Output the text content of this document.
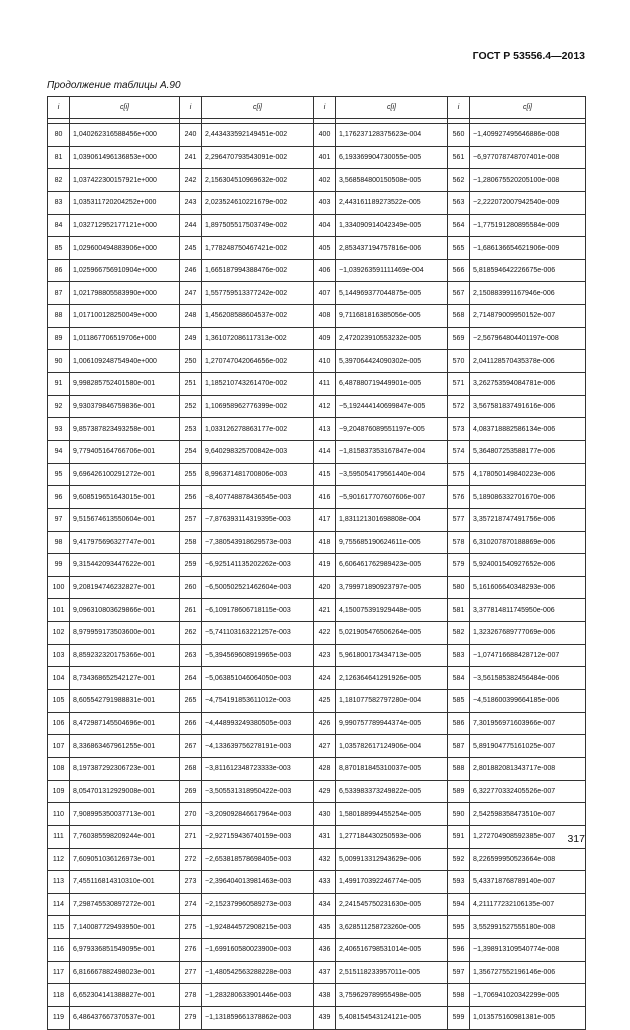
ГОСТ Р 53556.4—2013
Продолжение таблицы А.90
i	c[i]	i	c[i]	i	c[i]	i	c[i]

80	1,040262316588456e+000	240	2,443433592149451e-002	400	1,176237128375623e-004	560	−1,409927495646886e-008
81	1,039061496136853e+000	241	2,296470793543091e-002	401	6,193369904730055e-005	561	−6,977078748707401e-008
82	1,037422300157921e+000	242	2,156304510969632e-002	402	3,568584800150508e-005	562	−1,280675520205100e-008
83	1,035311720204252e+000	243	2,023524610221679e-002	403	2,443161189273522e-005	563	−2,222072007942540e-009
84	1,032712952177121e+000	244	1,897505517503749e-002	404	1,334090914042349e-005	564	−1,775191280895584e-009
85	1,029600494883906e+000	245	1,778248750467421e-002	405	2,853437194757816e-006	565	−1,686136654621906e-009
86	1,025966756910904e+000	246	1,665187994388476e-002	406	−1,039263591111469e-004	566	5,818594642226675e-006
87	1,021798805583990e+000	247	1,557759513377242e-002	407	5,144969377044875e-005	567	2,150883991167946e-006
88	1,017100128250049e+000	248	1,456208588604537e-002	408	9,711681816385056e-005	568	2,714879009950152e-007
89	1,011867706519706e+000	249	1,361072086117313e-002	409	2,472023910553232e-005	569	−2,567964804401197e-008
90	1,006109248754940e+000	250	1,270747042064656e-002	410	5,397064424090302e-005	570	2,041128570435378e-006
91	9,998285752401580e-001	251	1,185210743261470e-002	411	6,487880719449901e-005	571	3,262753594084781e-006
92	9,930379846759836e-001	252	1,106958962776399e-002	412	−5,192444140699847e-005	572	3,567581837491616e-006
93	9,857387823493258e-001	253	1,033126278863177e-002	413	−9,204876089551197e-005	573	4,083718882586134e-006
94	9,779405164766706e-001	254	9,640298325700842e-003	414	−1,815837353167847e-004	574	5,364807253588177e-006
95	9,696426100291272e-001	255	8,996371481700806e-003	415	−3,595054179561440e-004	575	4,178050149840223e-006
96	9,608519651643015e-001	256	−8,407748878436545e-003	416	−5,901617707607606e-007	576	5,189086332701670e-006
97	9,515674613550604e-001	257	−7,876393114319395e-003	417	1,831121301698808e-004	577	3,357218747491756e-006
98	9,417975696327747e-001	258	−7,380543918629573e-003	418	9,755685190624611e-005	578	6,310207870188869e-006
99	9,315442093447622e-001	259	−6,925141135202262e-003	419	6,606461762989423e-005	579	5,924001540927652e-006
100	9,208194746232827e-001	260	−6,500502521462604e-003	420	3,799971890923797e-005	580	5,161606640348293e-006
101	9,096310803629866e-001	261	−6,109178606718115e-003	421	4,150075391929448e-005	581	3,377814811745950e-006
102	8,979959173503600e-001	262	−5,741103163221257e-003	422	5,021905476506264e-005	582	1,323267689777069e-006
103	8,859232320175366e-001	263	−5,394569608919965e-003	423	5,961800173434713e-005	583	−1,074716688428712e-007
104	8,734368652542127e-001	264	−5,063851046064050e-003	424	2,126364641291926e-005	584	−3,561585382456484e-006
105	8,605542791988831e-001	265	−4,754191853611012e-003	425	1,181077582797280e-004	585	−4,518600399664185e-006
106	8,472987145504696e-001	266	−4,448993249380505e-003	426	9,990757789944374e-005	586	7,301956971603966e-007
107	8,336863467961255e-001	267	−4,133639756278191e-003	427	1,035782617124906e-004	587	5,891904775161025e-007
108	8,197387292306723e-001	268	−3,811612348723333e-003	428	8,870181845310037e-005	588	2,801882081343717e-008
109	8,054701312929008e-001	269	−3,505531318950422e-003	429	6,533983373249822e-005	589	6,322770332405526e-007
110	7,908995350037713e-001	270	−3,209092846617964e-003	430	1,580188994455254e-005	590	2,542598358473510e-007
111	7,760385598209244e-001	271	−2,927159436740159e-003	431	1,277184430250593e-006	591	1,272704908592385e-007
112	7,609051036126973e-001	272	−2,653818578698405e-003	432	5,009913312943629e-006	592	8,226599950523664e-008
113	7,455116814310310e-001	273	−2,396404013981463e-003	433	1,499170392246774e-005	593	5,433718768789140e-007
114	7,298745530897272e-001	274	−2,152379960589273e-003	434	2,241545750231630e-005	594	4,211177232106135e-007
115	7,140087729493950e-001	275	−1,924844572908215e-003	435	3,628511258723260e-005	595	3,552991527555180e-008
116	6,979336851549095e-001	276	−1,699160580023900e-003	436	2,406516798531014e-005	596	−1,398913109540774e-008
117	6,816667882498023e-001	277	−1,480542563288228e-003	437	2,515118233957011e-005	597	1,356727552196146e-006
118	6,652304141388827e-001	278	−1,283280633901446e-003	438	3,759629789955498e-005	598	−1,706941020342299e-005
119	6,486437667370537e-001	279	−1,131859661378862e-003	439	5,408154543124121e-005	599	1,013575160981381e-005
317
